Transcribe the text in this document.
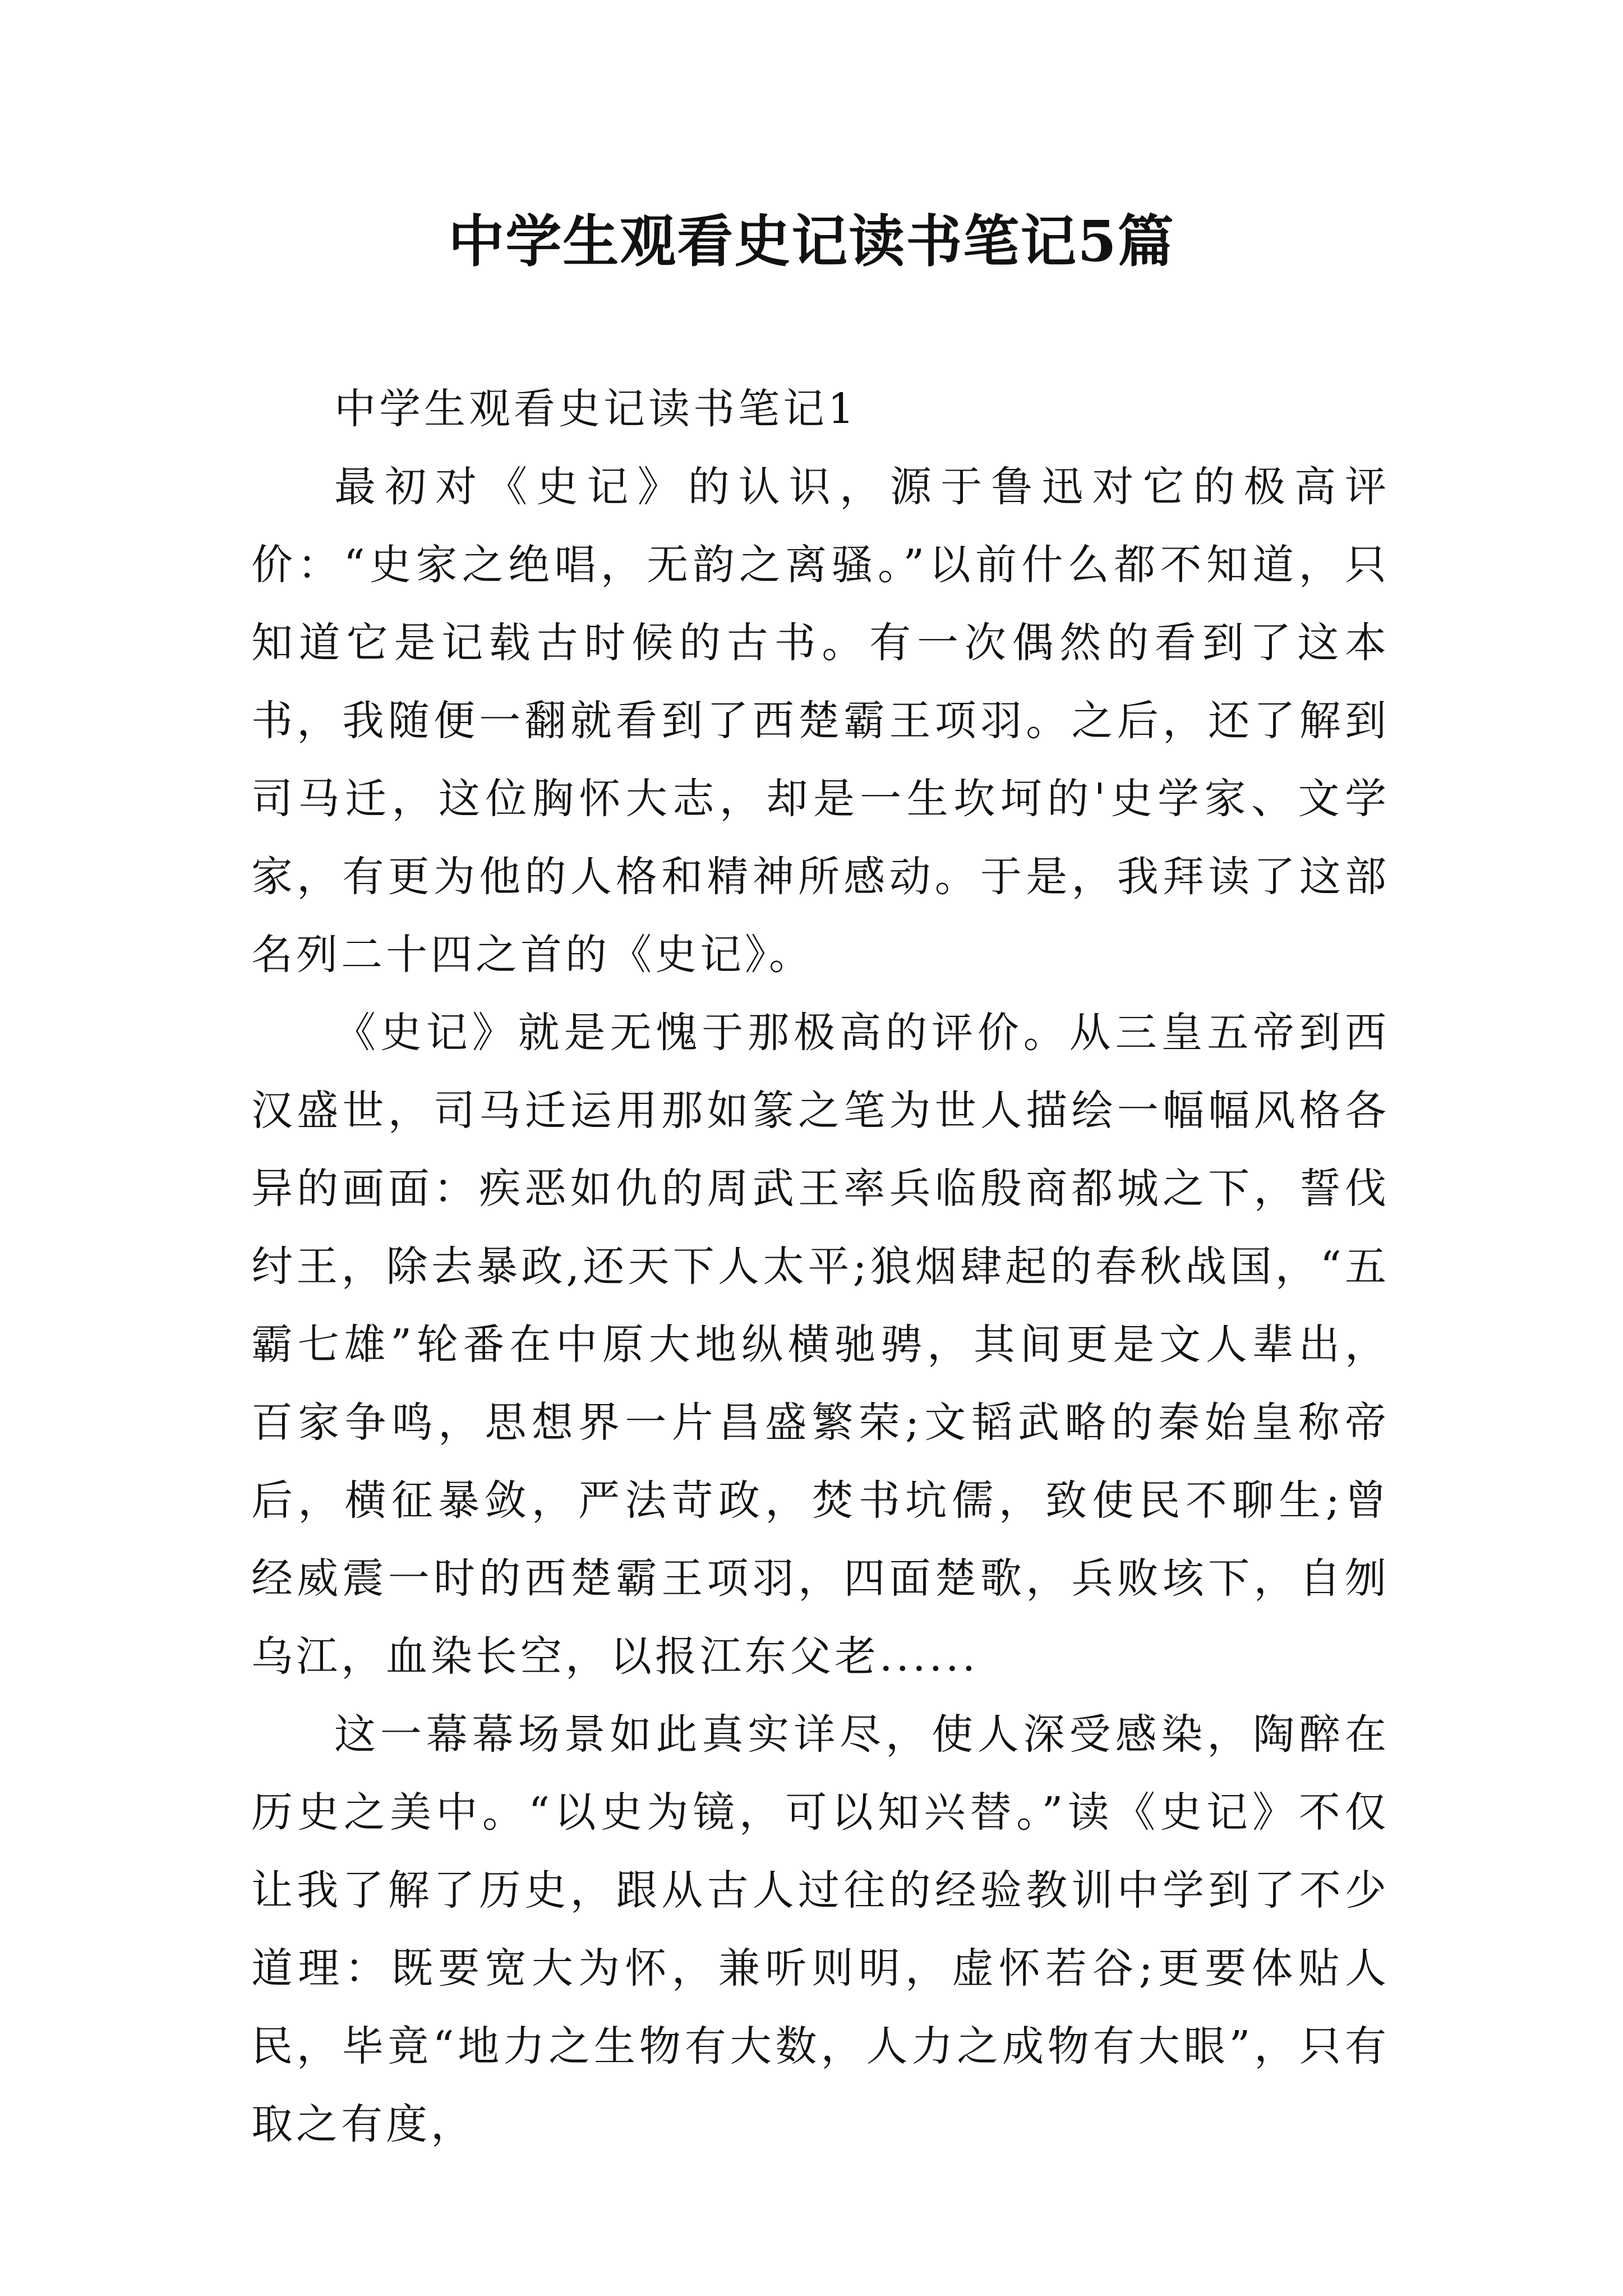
中学生观看史记读书笔记5篇

中学生观看史记读书笔记1

最初对《史记》的认识，源于鲁迅对它的极高评价：“史家之绝唱，无韵之离骚。”以前什么都不知道，只知道它是记载古时候的古书。有一次偶然的看到了这本书，我随便一翻就看到了西楚霸王项羽。之后，还了解到司马迁，这位胸怀大志，却是一生坎坷的'史学家、文学家，有更为他的人格和精神所感动。于是，我拜读了这部名列二十四之首的《史记》。

《史记》就是无愧于那极高的评价。从三皇五帝到西汉盛世，司马迁运用那如篆之笔为世人描绘一幅幅风格各异的画面：疾恶如仇的周武王率兵临殷商都城之下，誓伐纣王，除去暴政,还天下人太平;狼烟肆起的春秋战国，“五霸七雄”轮番在中原大地纵横驰骋，其间更是文人辈出，百家争鸣，思想界一片昌盛繁荣;文韬武略的秦始皇称帝后，横征暴敛，严法苛政，焚书坑儒，致使民不聊生;曾经威震一时的西楚霸王项羽，四面楚歌，兵败垓下，自刎乌江，血染长空，以报江东父老......

这一幕幕场景如此真实详尽，使人深受感染，陶醉在历史之美中。“以史为镜，可以知兴替。”读《史记》不仅让我了解了历史，跟从古人过往的经验教训中学到了不少道理：既要宽大为怀，兼听则明，虚怀若谷;更要体贴人民，毕竟“地力之生物有大数，人力之成物有大眼”，只有取之有度，
